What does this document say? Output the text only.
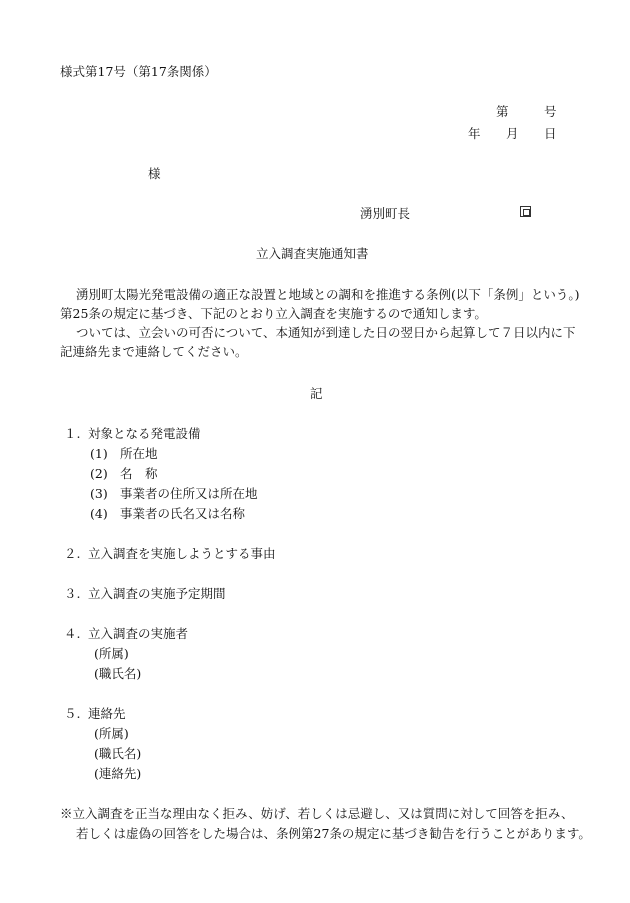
様式第17号（第17条関係）
第	号
年 月 日
様
湧別町長
立入調査実施通知書
湧別町太陽光発電設備の適正な設置と地域との調和を推進する条例(以下「条例」という。)
第25条の規定に基づき、下記のとおり立入調査を実施するので通知します。
ついては、立会いの可否について、本通知が到達した日の翌日から起算して７日以内に下
記連絡先まで連絡してください。
記
１. 対象となる発電設備
(1) 所在地
(2) 名　称
(3) 事業者の住所又は所在地
(4) 事業者の氏名又は名称
２. 立入調査を実施しようとする事由
３. 立入調査の実施予定期間
４. 立入調査の実施者
(所属)
(職氏名)
５. 連絡先
(所属)
(職氏名)
(連絡先)
※立入調査を正当な理由なく拒み、妨げ、若しくは忌避し、又は質問に対して回答を拒み、
若しくは虚偽の回答をした場合は、条例第27条の規定に基づき勧告を行うことがあります。
